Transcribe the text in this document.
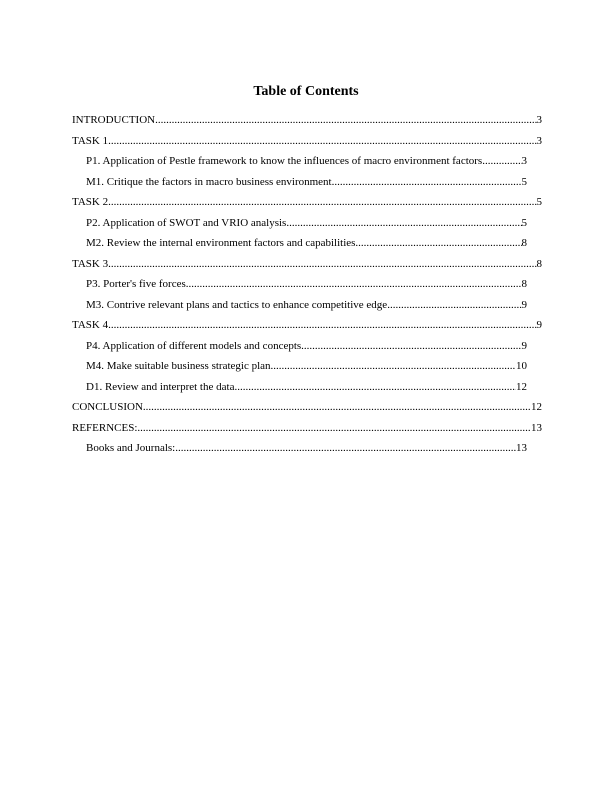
Table of Contents
INTRODUCTION .....	3
TASK 1 .....	3
P1. Application of Pestle framework to know the influences of macro environment factors. .....	3
M1. Critique the factors in macro business environment .....	5
TASK 2 .....	5
P2. Application of SWOT and VRIO analysis .....	5
M2. Review the internal environment factors and capabilities .....	8
TASK 3 .....	8
P3. Porter's five forces .....	8
M3. Contrive relevant plans and tactics to enhance competitive edge .....	9
TASK 4 .....	9
P4. Application of different models and concepts .....	9
M4. Make suitable business strategic plan .....	10
D1. Review and interpret the data .....	12
CONCLUSION .....	12
REFERNCES: .....	13
Books and Journals: .....	13
